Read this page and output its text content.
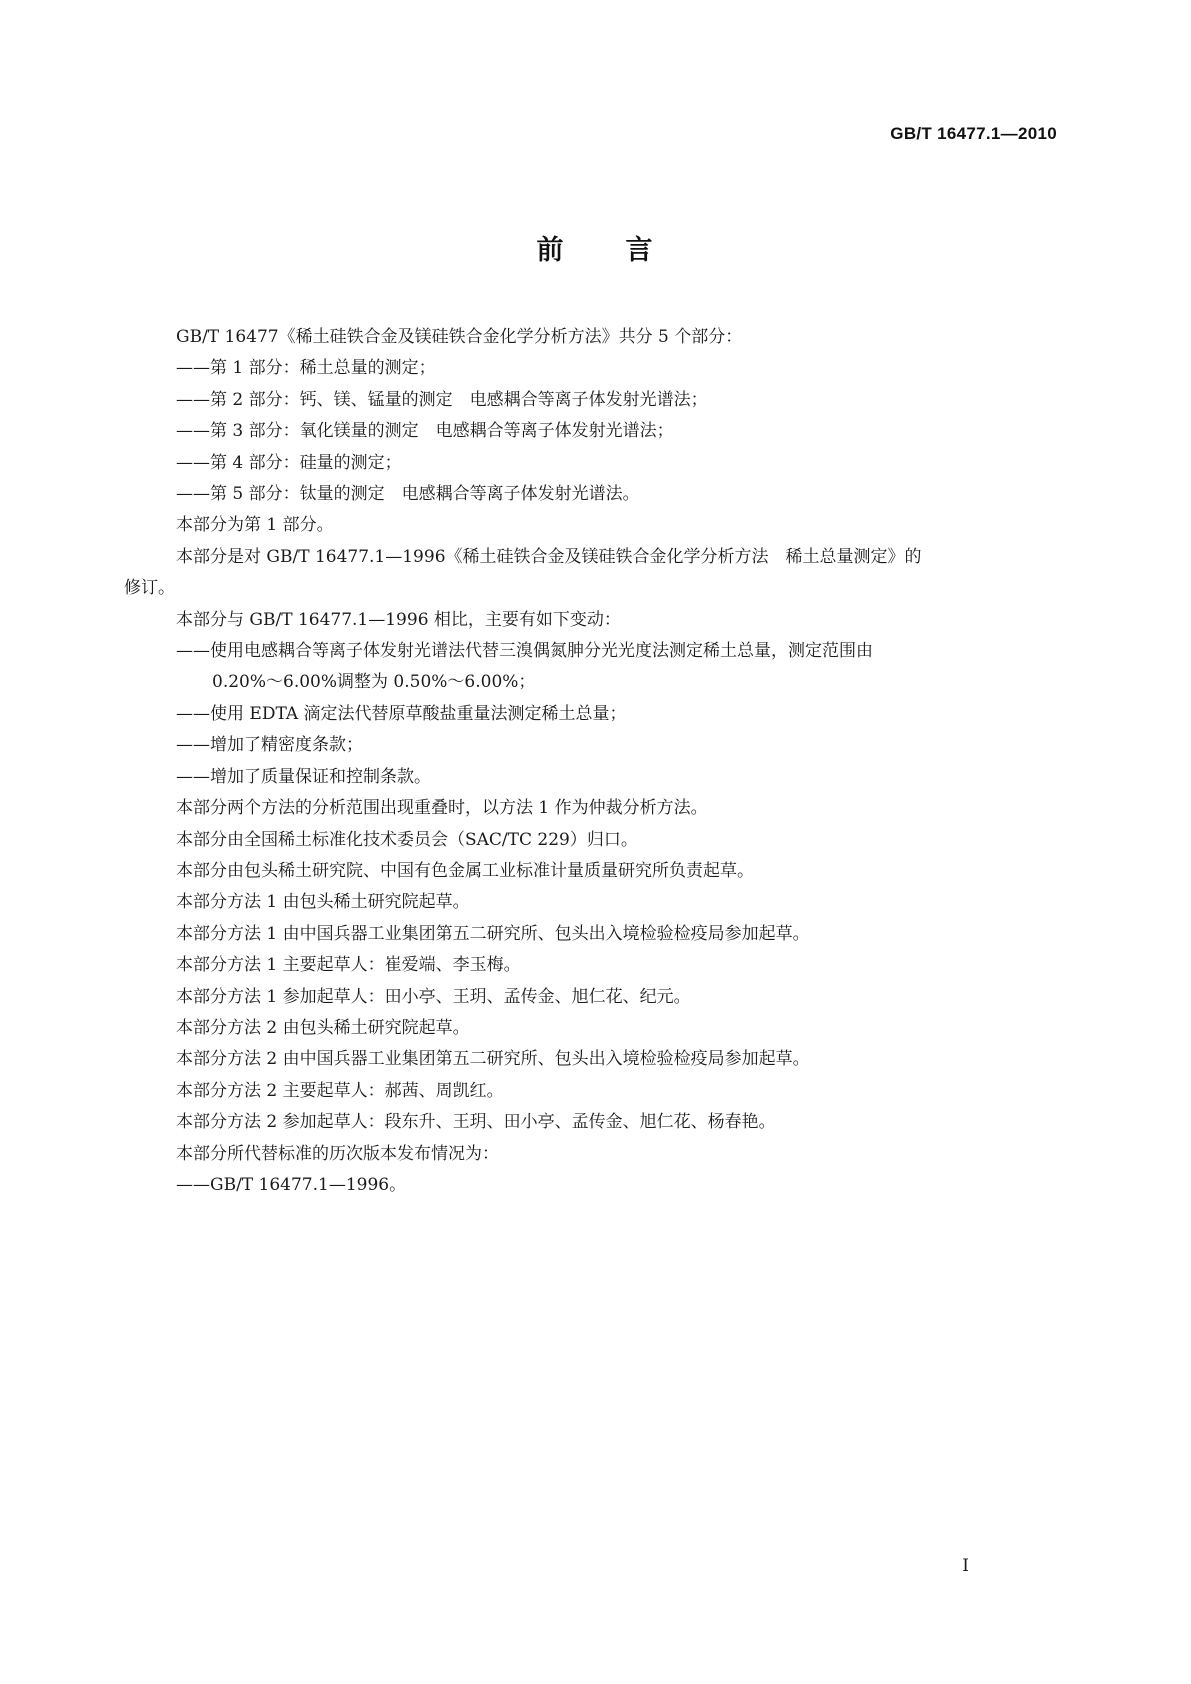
GB/T 16477.1—2010
前 言
GB/T 16477《稀土硅铁合金及镁硅铁合金化学分析方法》共分 5 个部分：
——第 1 部分：稀土总量的测定；
——第 2 部分：钙、镁、锰量的测定　电感耦合等离子体发射光谱法；
——第 3 部分：氧化镁量的测定　电感耦合等离子体发射光谱法；
——第 4 部分：硅量的测定；
——第 5 部分：钛量的测定　电感耦合等离子体发射光谱法。
本部分为第 1 部分。
本部分是对 GB/T 16477.1—1996《稀土硅铁合金及镁硅铁合金化学分析方法　稀土总量测定》的
修订。
本部分与 GB/T 16477.1—1996 相比，主要有如下变动：
——使用电感耦合等离子体发射光谱法代替三溴偶氮胂分光光度法测定稀土总量，测定范围由
0.20%～6.00%调整为 0.50%～6.00%；
——使用 EDTA 滴定法代替原草酸盐重量法测定稀土总量；
——增加了精密度条款；
——增加了质量保证和控制条款。
本部分两个方法的分析范围出现重叠时，以方法 1 作为仲裁分析方法。
本部分由全国稀土标准化技术委员会（SAC/TC 229）归口。
本部分由包头稀土研究院、中国有色金属工业标准计量质量研究所负责起草。
本部分方法 1 由包头稀土研究院起草。
本部分方法 1 由中国兵器工业集团第五二研究所、包头出入境检验检疫局参加起草。
本部分方法 1 主要起草人：崔爱端、李玉梅。
本部分方法 1 参加起草人：田小亭、王玥、孟传金、旭仁花、纪元。
本部分方法 2 由包头稀土研究院起草。
本部分方法 2 由中国兵器工业集团第五二研究所、包头出入境检验检疫局参加起草。
本部分方法 2 主要起草人：郝茜、周凯红。
本部分方法 2 参加起草人：段东升、王玥、田小亭、孟传金、旭仁花、杨春艳。
本部分所代替标准的历次版本发布情况为：
——GB/T 16477.1—1996。
I
